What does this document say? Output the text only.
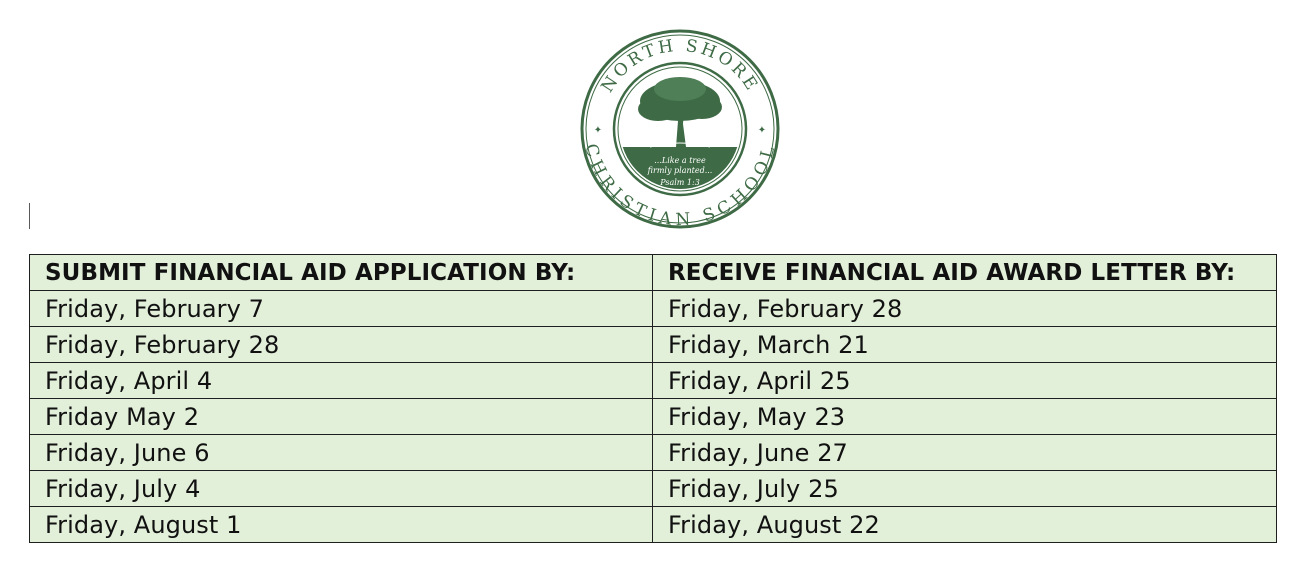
NORTH SHORE
CHRISTIAN SCHOOL
✦	✦
...Like a tree
firmly planted...
Psalm 1:3
SUBMIT FINANCIAL AID APPLICATION BY:	RECEIVE FINANCIAL AID AWARD LETTER BY:
Friday, February 7	Friday, February 28
Friday, February 28	Friday, March 21
Friday, April 4	Friday, April 25
Friday May 2	Friday, May 23
Friday, June 6	Friday, June 27
Friday, July 4	Friday, July 25
Friday, August 1	Friday, August 22
